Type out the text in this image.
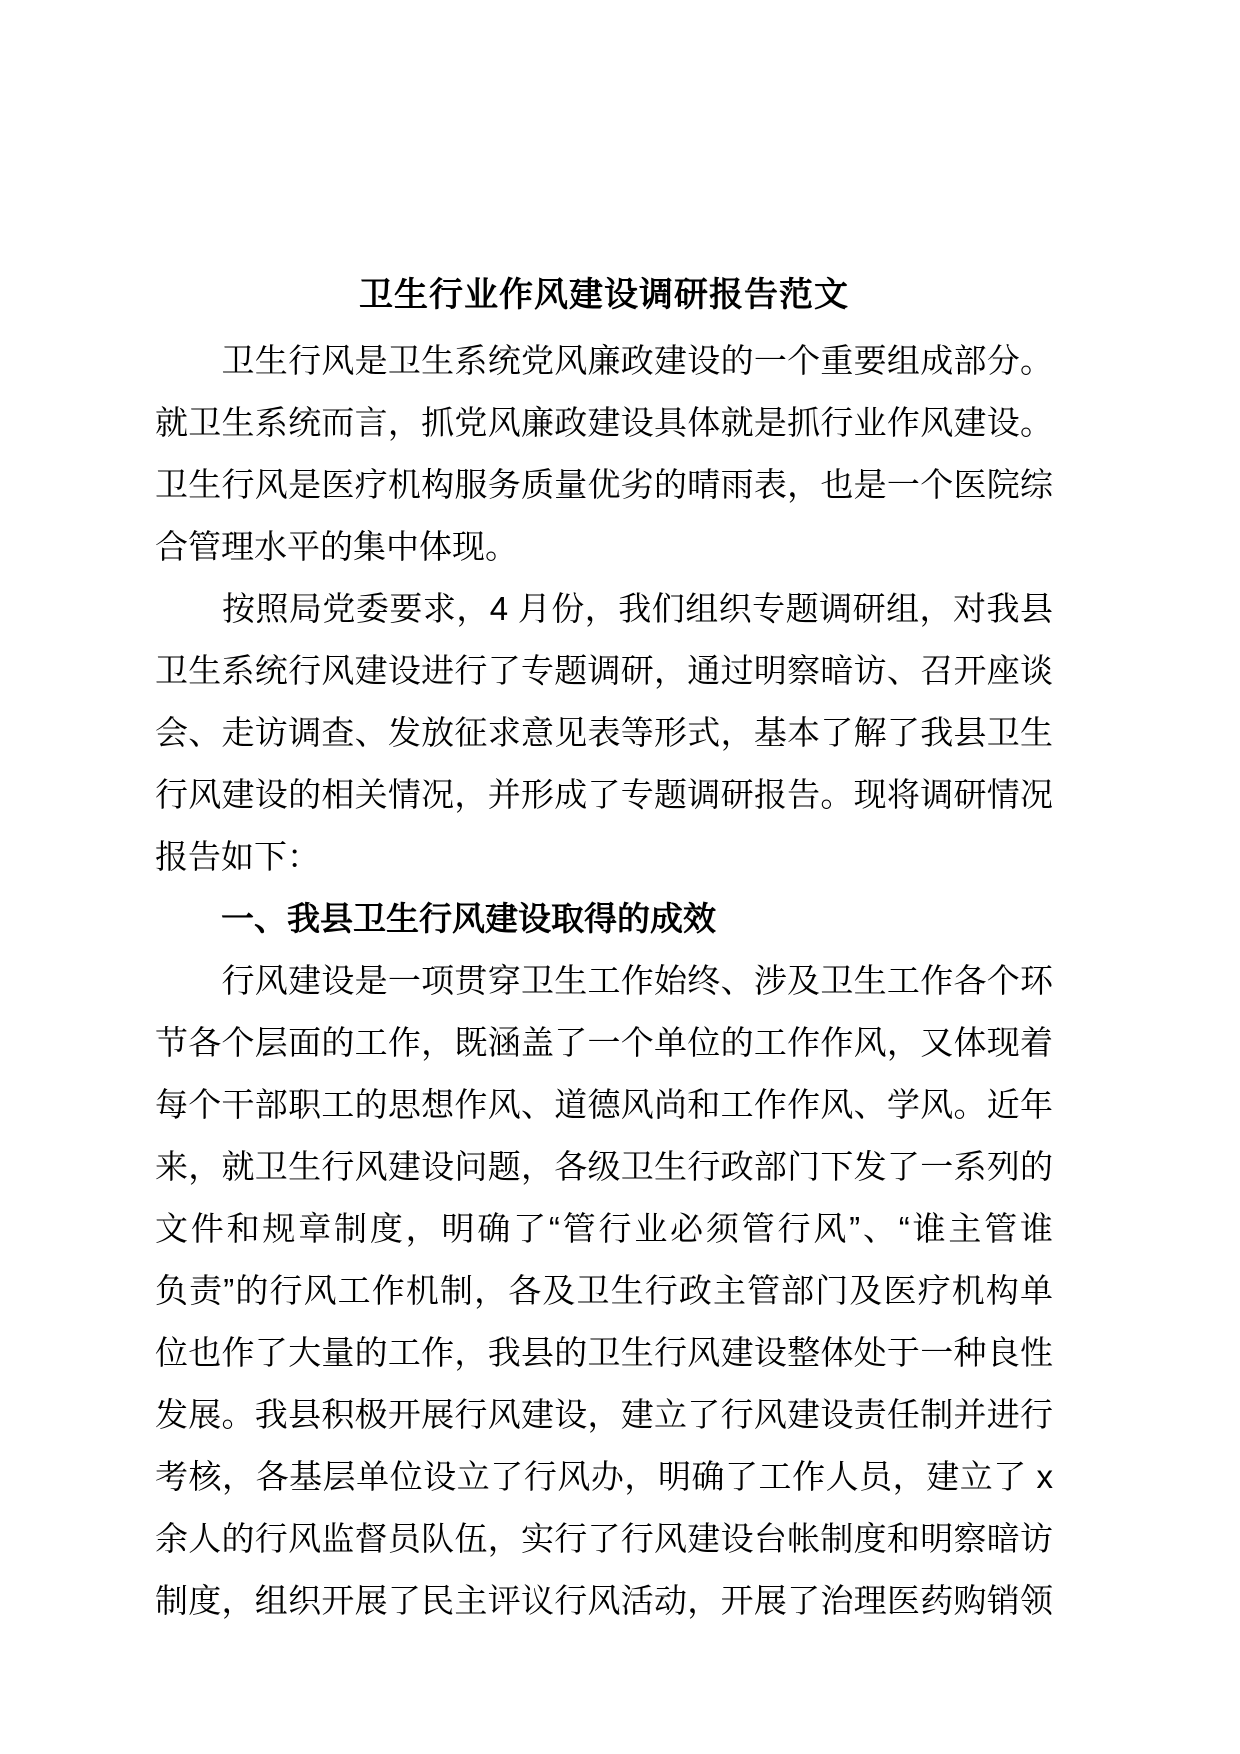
卫生行业作风建设调研报告范文
　　卫生行风是卫生系统党风廉政建设的一个重要组成部分。
就卫生系统而言，抓党风廉政建设具体就是抓行业作风建设。
卫生行风是医疗机构服务质量优劣的晴雨表，也是一个医院综
合管理水平的集中体现。
　　按照局党委要求，4 月份，我们组织专题调研组，对我县
卫生系统行风建设进行了专题调研，通过明察暗访、召开座谈
会、走访调查、发放征求意见表等形式，基本了解了我县卫生
行风建设的相关情况，并形成了专题调研报告。现将调研情况
报告如下：
　　一、我县卫生行风建设取得的成效
　　行风建设是一项贯穿卫生工作始终、涉及卫生工作各个环
节各个层面的工作，既涵盖了一个单位的工作作风，又体现着
每个干部职工的思想作风、道德风尚和工作作风、学风。近年
来，就卫生行风建设问题，各级卫生行政部门下发了一系列的
文件和规章制度，明确了“管行业必须管行风”、“谁主管谁
负责”的行风工作机制，各及卫生行政主管部门及医疗机构单
位也作了大量的工作，我县的卫生行风建设整体处于一种良性
发展。我县积极开展行风建设，建立了行风建设责任制并进行
考核，各基层单位设立了行风办，明确了工作人员，建立了 x
余人的行风监督员队伍，实行了行风建设台帐制度和明察暗访
制度，组织开展了民主评议行风活动，开展了治理医药购销领
